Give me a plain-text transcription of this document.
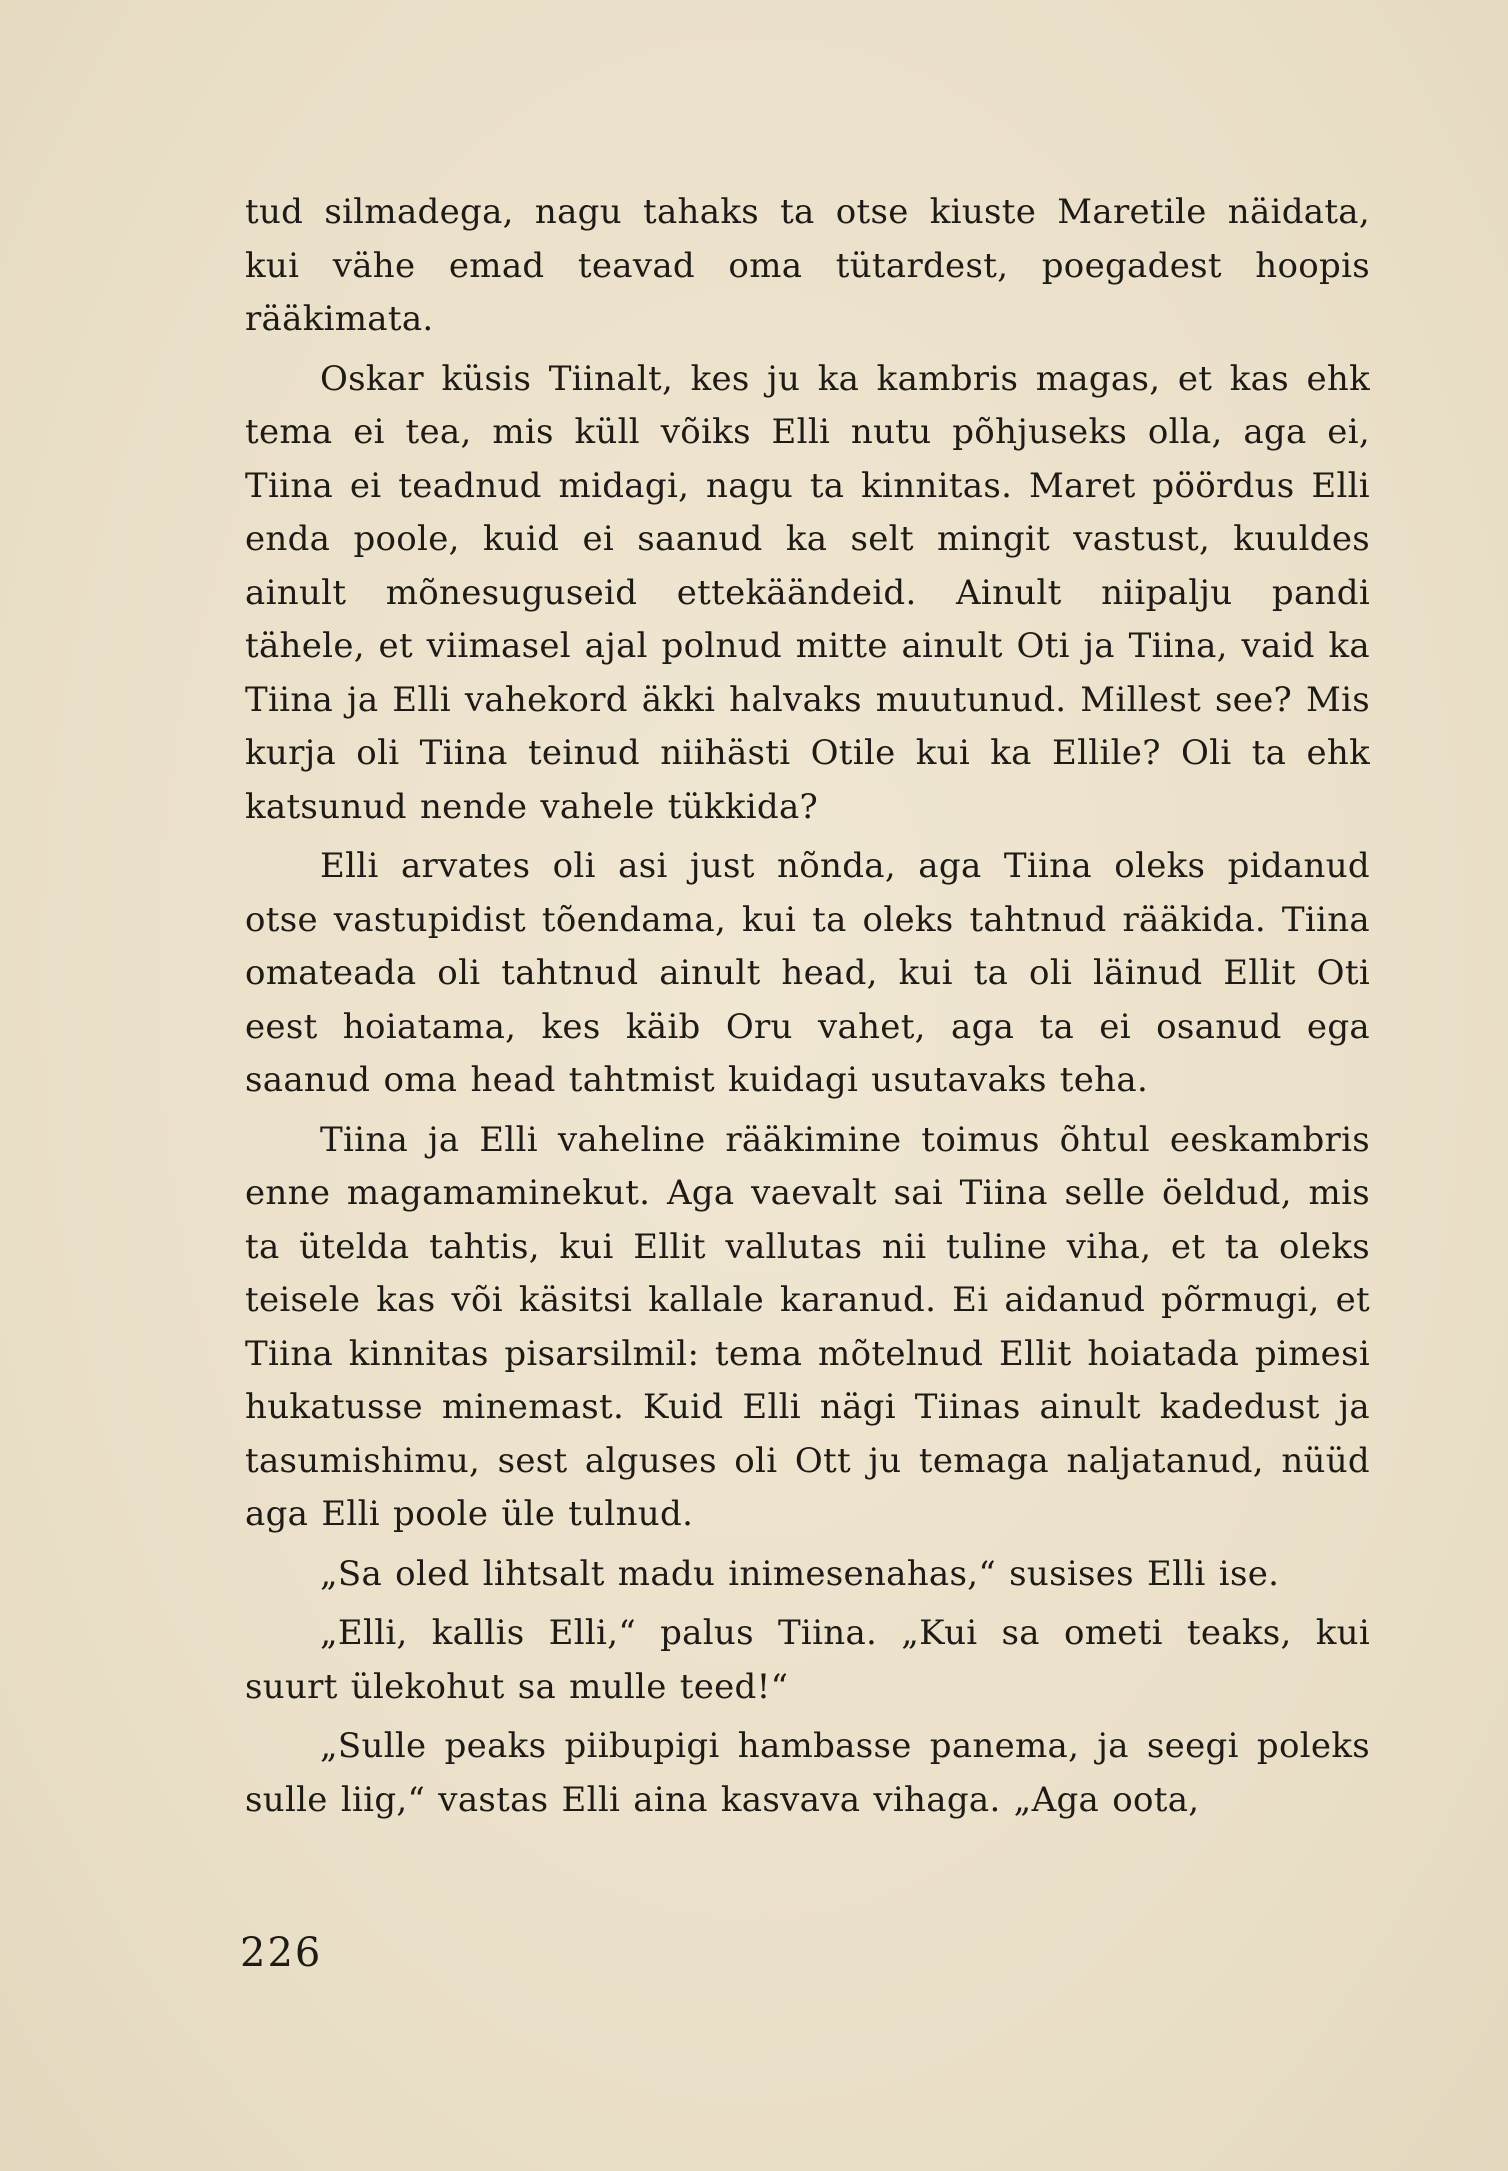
tud silmadega, nagu tahaks ta otse kiuste Maretile näidata, kui vähe emad teavad oma tütardest, poegadest hoopis rääkimata.

Oskar küsis Tiinalt, kes ju ka kambris magas, et kas ehk tema ei tea, mis küll võiks Elli nutu põhjuseks olla, aga ei, Tiina ei teadnud midagi, nagu ta kinnitas. Maret pöördus Elli enda poole, kuid ei saanud ka selt mingit vastust, kuuldes ainult mõnesuguseid ettekäändeid. Ainult niipalju pandi tähele, et viimasel ajal polnud mitte ainult Oti ja Tiina, vaid ka Tiina ja Elli vahekord äkki halvaks muutunud. Millest see? Mis kurja oli Tiina teinud niihästi Otile kui ka Ellile? Oli ta ehk katsunud nende vahele tükkida?

Elli arvates oli asi just nõnda, aga Tiina oleks pidanud otse vastupidist tõendama, kui ta oleks tahtnud rääkida. Tiina omateada oli tahtnud ainult head, kui ta oli läinud Ellit Oti eest hoiatama, kes käib Oru vahet, aga ta ei osanud ega saanud oma head tahtmist kuidagi usutavaks teha.

Tiina ja Elli vaheline rääkimine toimus õhtul eeskambris enne magamaminekut. Aga vaevalt sai Tiina selle öeldud, mis ta ütelda tahtis, kui Ellit vallutas nii tuline viha, et ta oleks teisele kas või käsitsi kallale karanud. Ei aidanud põrmugi, et Tiina kinnitas pisarsilmil: tema mõtelnud Ellit hoiatada pimesi hukatusse minemast. Kuid Elli nägi Tiinas ainult kadedust ja tasumishimu, sest alguses oli Ott ju temaga naljatanud, nüüd aga Elli poole üle tulnud.

„Sa oled lihtsalt madu inimesenahas,“ susises Elli ise.

„Elli, kallis Elli,“ palus Tiina. „Kui sa ometi teaks, kui suurt ülekohut sa mulle teed!“

„Sulle peaks piibupigi hambasse panema, ja seegi poleks sulle liig,“ vastas Elli aina kasvava vihaga. „Aga oota,

226
